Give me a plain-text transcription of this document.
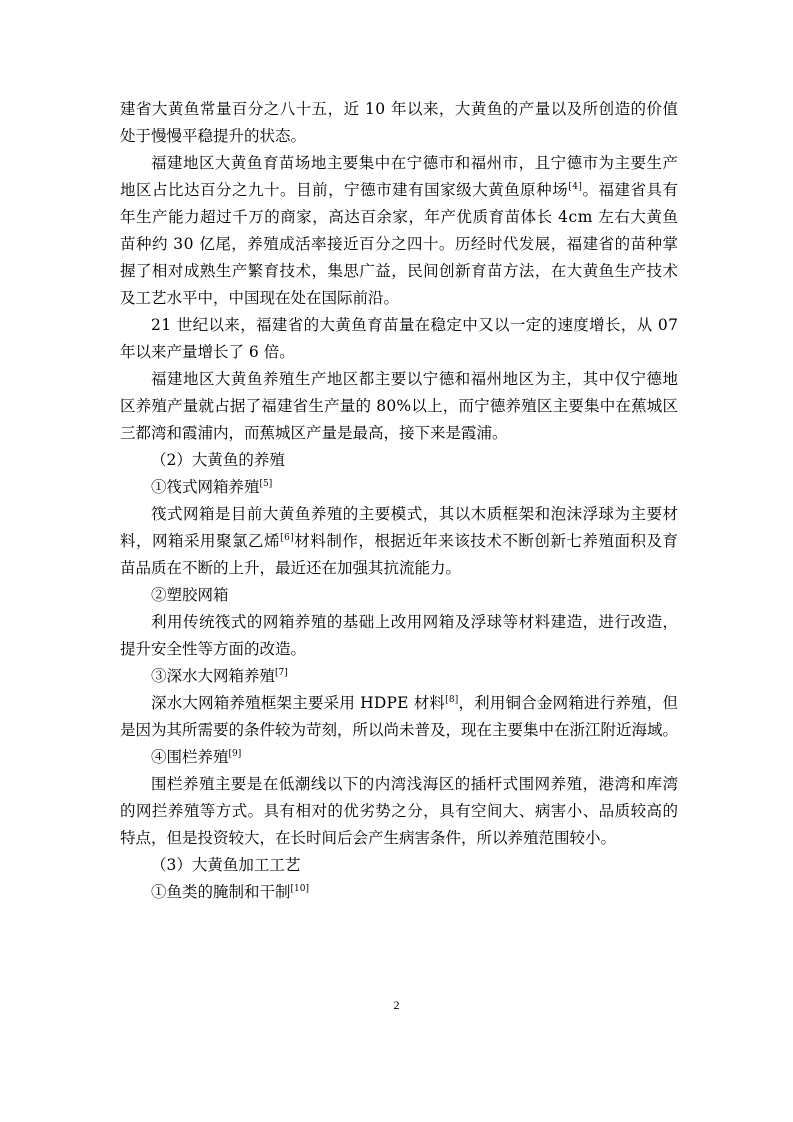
建省大黄鱼常量百分之八十五，近 10 年以来，大黄鱼的产量以及所创造的价值
处于慢慢平稳提升的状态。
福建地区大黄鱼育苗场地主要集中在宁德市和福州市，且宁德市为主要生产
地区占比达百分之九十。目前，宁德市建有国家级大黄鱼原种场[4]。福建省具有
年生产能力超过千万的商家，高达百余家，年产优质育苗体长 4cm 左右大黄鱼
苗种约 30 亿尾，养殖成活率接近百分之四十。历经时代发展，福建省的苗种掌
握了相对成熟生产繁育技术，集思广益，民间创新育苗方法，在大黄鱼生产技术
及工艺水平中，中国现在处在国际前沿。
21 世纪以来，福建省的大黄鱼育苗量在稳定中又以一定的速度增长，从 07
年以来产量增长了 6 倍。
福建地区大黄鱼养殖生产地区都主要以宁德和福州地区为主，其中仅宁德地
区养殖产量就占据了福建省生产量的 80%以上，而宁德养殖区主要集中在蕉城区
三都湾和霞浦内，而蕉城区产量是最高，接下来是霞浦。
（2）大黄鱼的养殖
①筏式网箱养殖[5]
筏式网箱是目前大黄鱼养殖的主要模式，其以木质框架和泡沫浮球为主要材
料，网箱采用聚氯乙烯[6]材料制作，根据近年来该技术不断创新七养殖面积及育
苗品质在不断的上升，最近还在加强其抗流能力。
②塑胶网箱
利用传统筏式的网箱养殖的基础上改用网箱及浮球等材料建造，进行改造，
提升安全性等方面的改造。
③深水大网箱养殖[7]
深水大网箱养殖框架主要采用 HDPE 材料[8]，利用铜合金网箱进行养殖，但
是因为其所需要的条件较为苛刻，所以尚未普及，现在主要集中在浙江附近海域。
④围栏养殖[9]
围栏养殖主要是在低潮线以下的内湾浅海区的插杆式围网养殖，港湾和库湾
的网拦养殖等方式。具有相对的优劣势之分，具有空间大、病害小、品质较高的
特点，但是投资较大，在长时间后会产生病害条件，所以养殖范围较小。
（3）大黄鱼加工工艺
①鱼类的腌制和干制[10]
2
